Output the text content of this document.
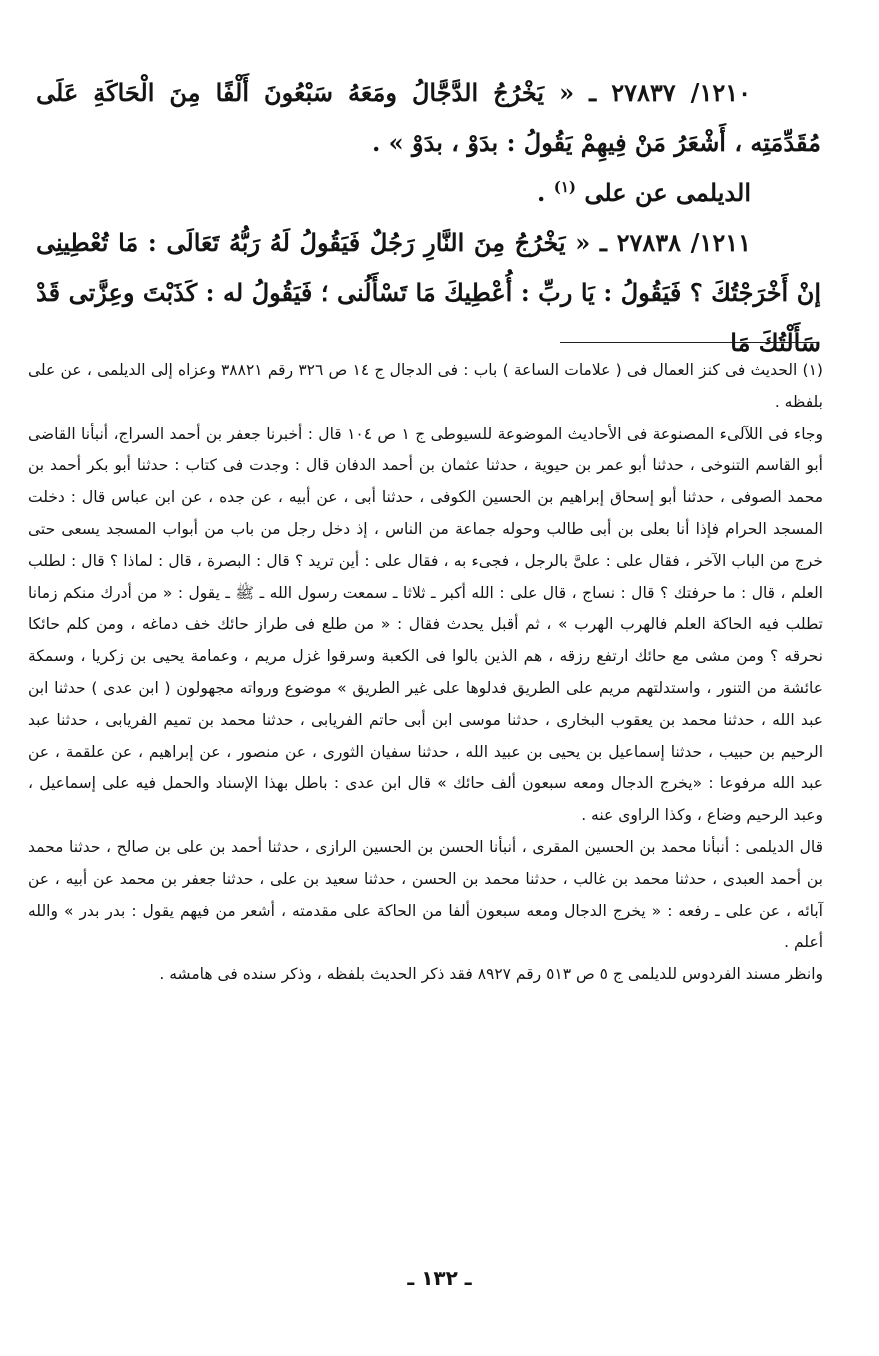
١٢١٠/ ٢٧٨٣٧ ـ « يَخْرُجُ الدَّجَّالُ ومَعَهُ سَبْعُونَ أَلْفًا مِنَ الْحَاكَةِ عَلَى مُقَدِّمَتِه ، أَشْعَرُ مَنْ فِيهِمْ يَقُولُ : بدَوْ ، بدَوْ » .

الديلمى عن على $^{(١)}$ .

١٢١١/ ٢٧٨٣٨ ـ « يَخْرُجُ مِنَ النَّارِ رَجُلٌ فَيَقُولُ لَهُ رَبُّهُ تَعَالَى : مَا تُعْطِينِى إنْ أَخْرَجْتُكَ ؟ فَيَقُولُ : يَا ربِّ : أُعْطِيكَ مَا تَسْأَلُنى ؛ فَيَقُولُ له : كَذَبْتَ وعِزَّتى قَدْ سَأَلْتُكَ مَا

(١) الحديث فى كنز العمال فى ( علامات الساعة ) باب : فى الدجال ج ١٤ ص ٣٢٦ رقم ٣٨٨٢١ وعزاه إلى الديلمى ، عن على بلفظه .

وجاء فى اللآلىء المصنوعة فى الأحاديث الموضوعة للسيوطى ج ١ ص ١٠٤ قال : أخبرنا جعفر بن أحمد السراج، أنبأنا القاضى أبو القاسم التنوخى ، حدثنا أبو عمر بن حيوية ، حدثنا عثمان بن أحمد الدفان قال : وجدت فى كتاب : حدثنا أبو بكر أحمد بن محمد الصوفى ، حدثنا أبو إسحاق إبراهيم بن الحسين الكوفى ، حدثنا أبى ، عن أبيه ، عن جده ، عن ابن عباس قال : دخلت المسجد الحرام فإذا أنا بعلى بن أبى طالب وحوله جماعة من الناس ، إذ دخل رجل من باب من أبواب المسجد يسعى حتى خرج من الباب الآخر ، فقال على : علىَّ بالرجل ، فجىء به ، فقال على : أين تريد ؟ قال : البصرة ، قال : لماذا ؟ قال : لطلب العلم ، قال : ما حرفتك ؟ قال : نساج ، قال على : الله أكبر ـ ثلاثا ـ سمعت رسول الله ـ ﷺ ـ يقول : « من أدرك منكم زمانا تطلب فيه الحاكة العلم فالهرب الهرب » ، ثم أقبل يحدث فقال : « من طلع فى طراز حائك خف دماغه ، ومن كلم حائكا نحرقه ؟ ومن مشى مع حائك ارتفع رزقه ، هم الذين بالوا فى الكعبة وسرقوا غزل مريم ، وعمامة يحيى بن زكريا ، وسمكة عائشة من التنور ، واستدلتهم مريم على الطريق فدلوها على غير الطريق » موضوع ورواته مجهولون ( ابن عدى ) حدثنا ابن عبد الله ، حدثنا محمد بن يعقوب البخارى ، حدثنا موسى ابن أبى حاتم الفريابى ، حدثنا محمد بن تميم الفريابى ، حدثنا عبد الرحيم بن حبيب ، حدثنا إسماعيل بن يحيى بن عبيد الله ، حدثنا سفيان الثورى ، عن منصور ، عن إبراهيم ، عن علقمة ، عن عبد الله مرفوعا : «يخرج الدجال ومعه سبعون ألف حائك » قال ابن عدى : باطل بهذا الإسناد والحمل فيه على إسماعيل ، وعبد الرحيم وضاع ، وكذا الراوى عنه .

قال الديلمى : أنبأنا محمد بن الحسين المقرى ، أنبأنا الحسن بن الحسين الرازى ، حدثنا أحمد بن على بن صالح ، حدثنا محمد بن أحمد العبدى ، حدثنا محمد بن غالب ، حدثنا محمد بن الحسن ، حدثنا سعيد بن على ، حدثنا جعفر بن محمد عن أبيه ، عن آبائه ، عن على ـ رفعه : « يخرج الدجال ومعه سبعون ألفا من الحاكة على مقدمته ، أشعر من فيهم يقول : بدر بدر » والله أعلم .

وانظر مسند الفردوس للديلمى ج ٥ ص ٥١٣ رقم ٨٩٢٧ فقد ذكر الحديث بلفظه ، وذكر سنده فى هامشه .

ـ ١٣٢ ـ
